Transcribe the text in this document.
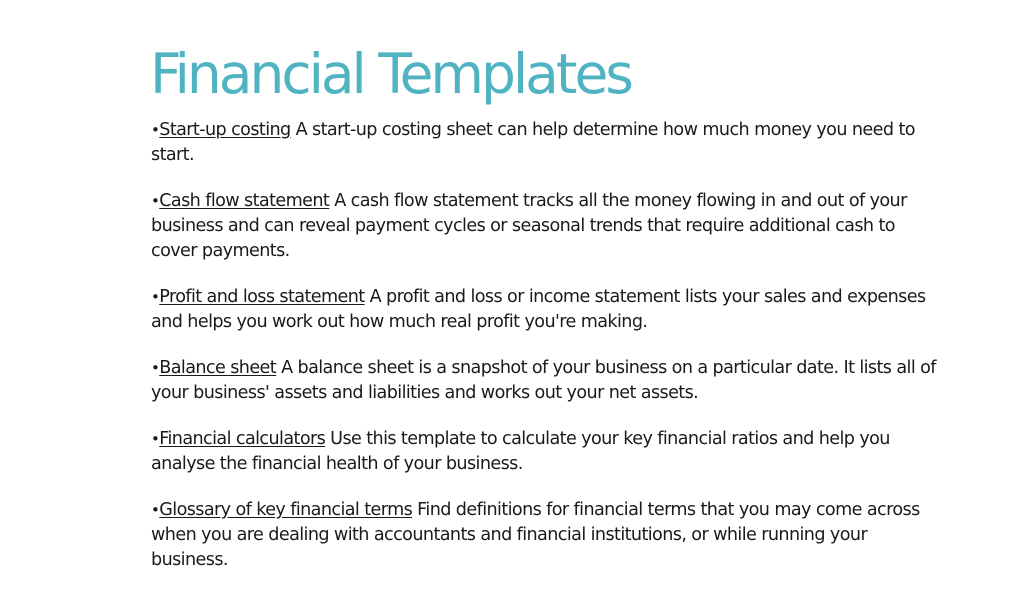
Financial Templates
•Start-up costing A start-up costing sheet can help determine how much money you need to start.
•Cash flow statement A cash flow statement tracks all the money flowing in and out of your business and can reveal payment cycles or seasonal trends that require additional cash to cover payments.
•Profit and loss statement A profit and loss or income statement lists your sales and expenses and helps you work out how much real profit you're making.
•Balance sheet A balance sheet is a snapshot of your business on a particular date. It lists all of your business' assets and liabilities and works out your net assets.
•Financial calculators Use this template to calculate your key financial ratios and help you analyse the financial health of your business.
•Glossary of key financial terms Find definitions for financial terms that you may come across when you are dealing with accountants and financial institutions, or while running your business.
